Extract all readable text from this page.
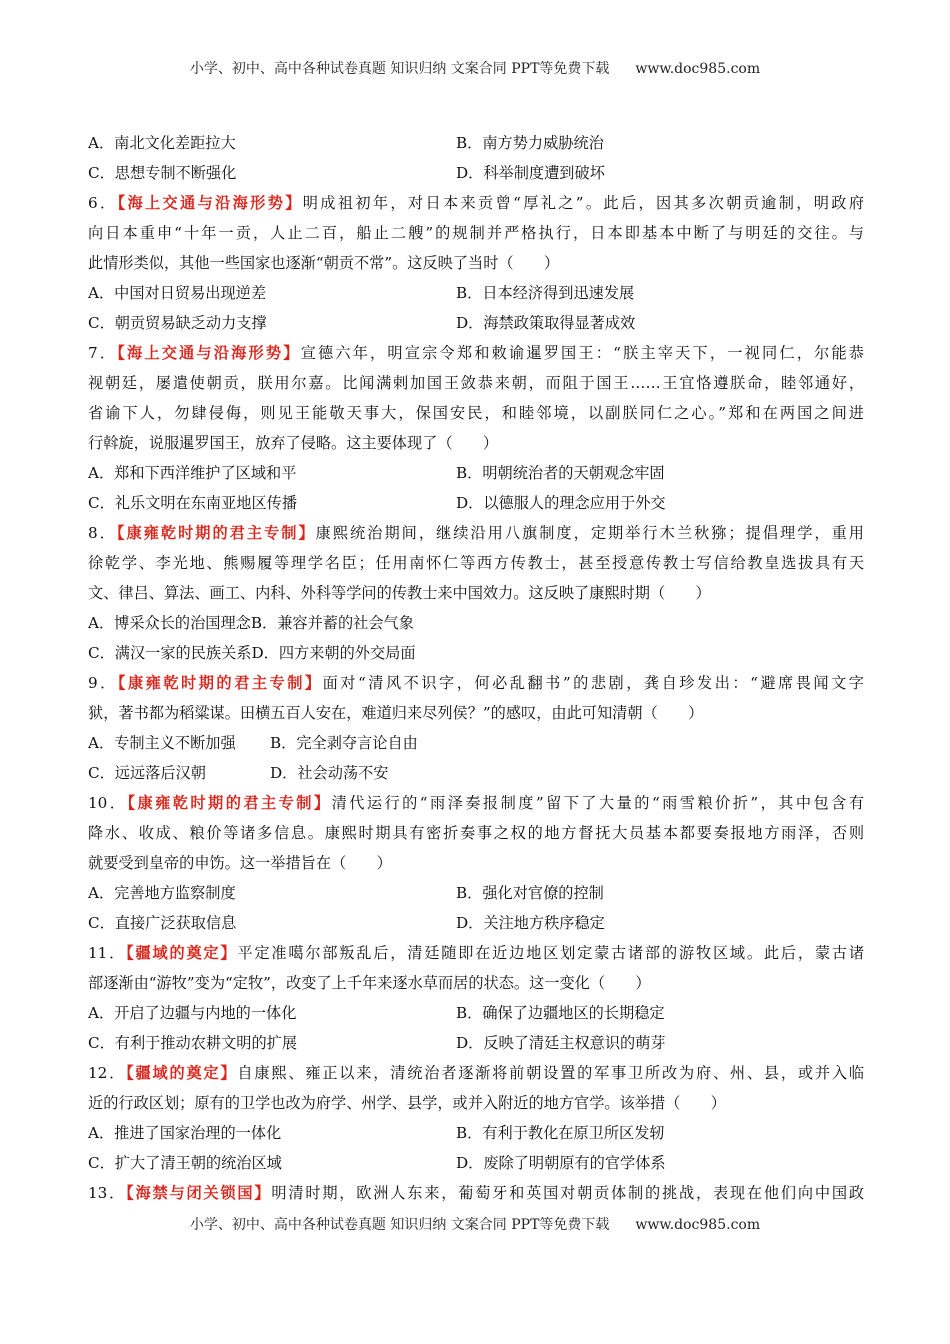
小学、初中、高中各种试卷真题 知识归纳 文案合同 PPT等免费下载 www.doc985.com
A．南北文化差距拉大	B．南方势力威胁统治
C．思想专制不断强化	D．科举制度遭到破坏
6．【海上交通与沿海形势】明成祖初年，对日本来贡曾“厚礼之”。此后，因其多次朝贡逾制，明政府
向日本重申“十年一贡，人止二百，船止二艘”的规制并严格执行，日本即基本中断了与明廷的交往。与
此情形类似，其他一些国家也逐渐“朝贡不常”。这反映了当时（　　）
A．中国对日贸易出现逆差	B．日本经济得到迅速发展
C．朝贡贸易缺乏动力支撑	D．海禁政策取得显著成效
7．【海上交通与沿海形势】宣德六年，明宣宗令郑和敕谕暹罗国王：“朕主宰天下，一视同仁，尔能恭
视朝廷，屡遣使朝贡，朕用尔嘉。比闻满剌加国王敛恭来朝，而阻于国王……王宜恪遵朕命，睦邻通好，
省谕下人，勿肆侵侮，则见王能敬天事大，保国安民，和睦邻境，以副朕同仁之心。”郑和在两国之间进
行斡旋，说服暹罗国王，放弃了侵略。这主要体现了（　　）
A．郑和下西洋维护了区域和平	B．明朝统治者的天朝观念牢固
C．礼乐文明在东南亚地区传播	D．以德服人的理念应用于外交
8．【康雍乾时期的君主专制】康熙统治期间，继续沿用八旗制度，定期举行木兰秋猕；提倡理学，重用
徐乾学、李光地、熊赐履等理学名臣；任用南怀仁等西方传教士，甚至授意传教士写信给教皇选拔具有天
文、律吕、算法、画工、内科、外科等学问的传教士来中国效力。这反映了康熙时期（　　）
A．博采众长的治国理念 B．兼容并蓄的社会气象
C．满汉一家的民族关系 D．四方来朝的外交局面
9．【康雍乾时期的君主专制】面对“清风不识字，何必乱翻书”的悲剧，龚自珍发出：“避席畏闻文字
狱，著书都为稻粱谋。田横五百人安在，难道归来尽列侯？”的感叹，由此可知清朝（　　）
A．专制主义不断加强	B．完全剥夺言论自由
C．远远落后汉朝	D．社会动荡不安
10．【康雍乾时期的君主专制】清代运行的“雨泽奏报制度”留下了大量的“雨雪粮价折”，其中包含有
降水、收成、粮价等诸多信息。康熙时期具有密折奏事之权的地方督抚大员基本都要奏报地方雨泽，否则
就要受到皇帝的申饬。这一举措旨在（　　）
A．完善地方监察制度	B．强化对官僚的控制
C．直接广泛获取信息	D．关注地方秩序稳定
11．【疆域的奠定】平定准噶尔部叛乱后，清廷随即在近边地区划定蒙古诸部的游牧区域。此后，蒙古诸
部逐渐由“游牧”变为“定牧”，改变了上千年来逐水草而居的状态。这一变化（　　）
A．开启了边疆与内地的一体化	B．确保了边疆地区的长期稳定
C．有利于推动农耕文明的扩展	D．反映了清廷主权意识的萌芽
12．【疆域的奠定】自康熙、雍正以来，清统治者逐渐将前朝设置的军事卫所改为府、州、县，或并入临
近的行政区划；原有的卫学也改为府学、州学、县学，或并入附近的地方官学。该举措（　　）
A．推进了国家治理的一体化	B．有利于教化在原卫所区发轫
C．扩大了清王朝的统治区域	D．废除了明朝原有的官学体系
13．【海禁与闭关锁国】明清时期，欧洲人东来，葡萄牙和英国对朝贡体制的挑战，表现在他们向中国政
小学、初中、高中各种试卷真题 知识归纳 文案合同 PPT等免费下载 www.doc985.com
